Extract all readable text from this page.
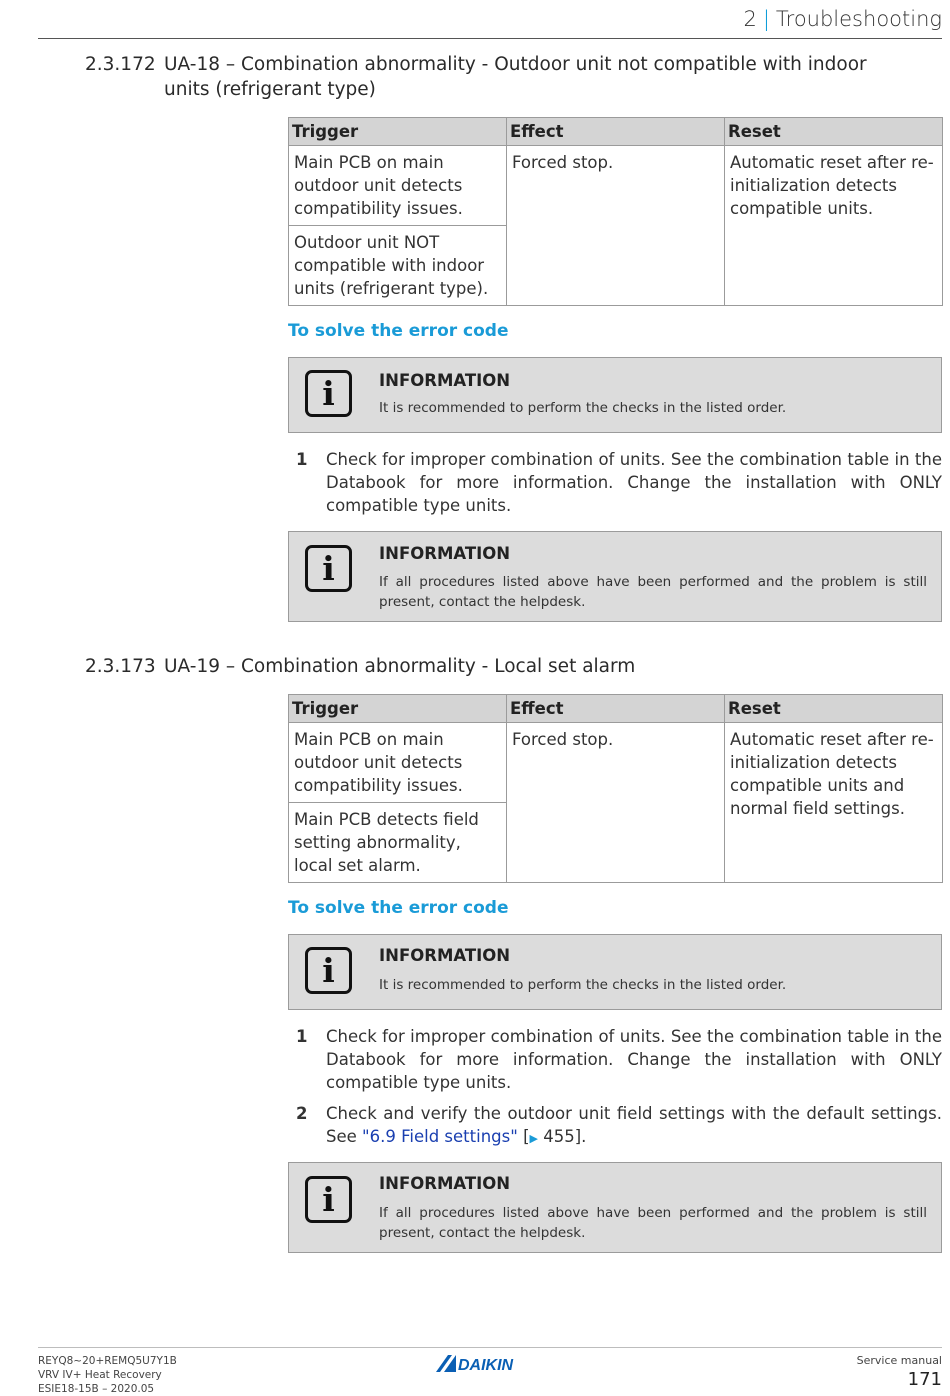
2 | Troubleshooting
2.3.172 UA-18 – Combination abnormality - Outdoor unit not compatible with indoor units (refrigerant type)
Trigger	Effect	Reset
Main PCB on main outdoor unit detects compatibility issues.	Forced stop.	Automatic reset after re-initialization detects compatible units.
Outdoor unit NOT compatible with indoor units (refrigerant type).		
To solve the error code
i	INFORMATION
It is recommended to perform the checks in the listed order.
1 Check for improper combination of units. See the combination table in the Databook for more information. Change the installation with ONLY compatible type units.
i	INFORMATION
If all procedures listed above have been performed and the problem is still present, contact the helpdesk.
2.3.173 UA-19 – Combination abnormality - Local set alarm
Trigger	Effect	Reset
Main PCB on main outdoor unit detects compatibility issues.	Forced stop.	Automatic reset after re-initialization detects compatible units and normal field settings.
Main PCB detects field setting abnormality, local set alarm.		
To solve the error code
i	INFORMATION
It is recommended to perform the checks in the listed order.
1 Check for improper combination of units. See the combination table in the Databook for more information. Change the installation with ONLY compatible type units.
2 Check and verify the outdoor unit field settings with the default settings. See "6.9 Field settings" [▶ 455].
i	INFORMATION
If all procedures listed above have been performed and the problem is still present, contact the helpdesk.
REYQ8~20+REMQ5U7Y1B
VRV IV+ Heat Recovery
ESIE18-15B – 2020.05
DAIKIN	Service manual
171
